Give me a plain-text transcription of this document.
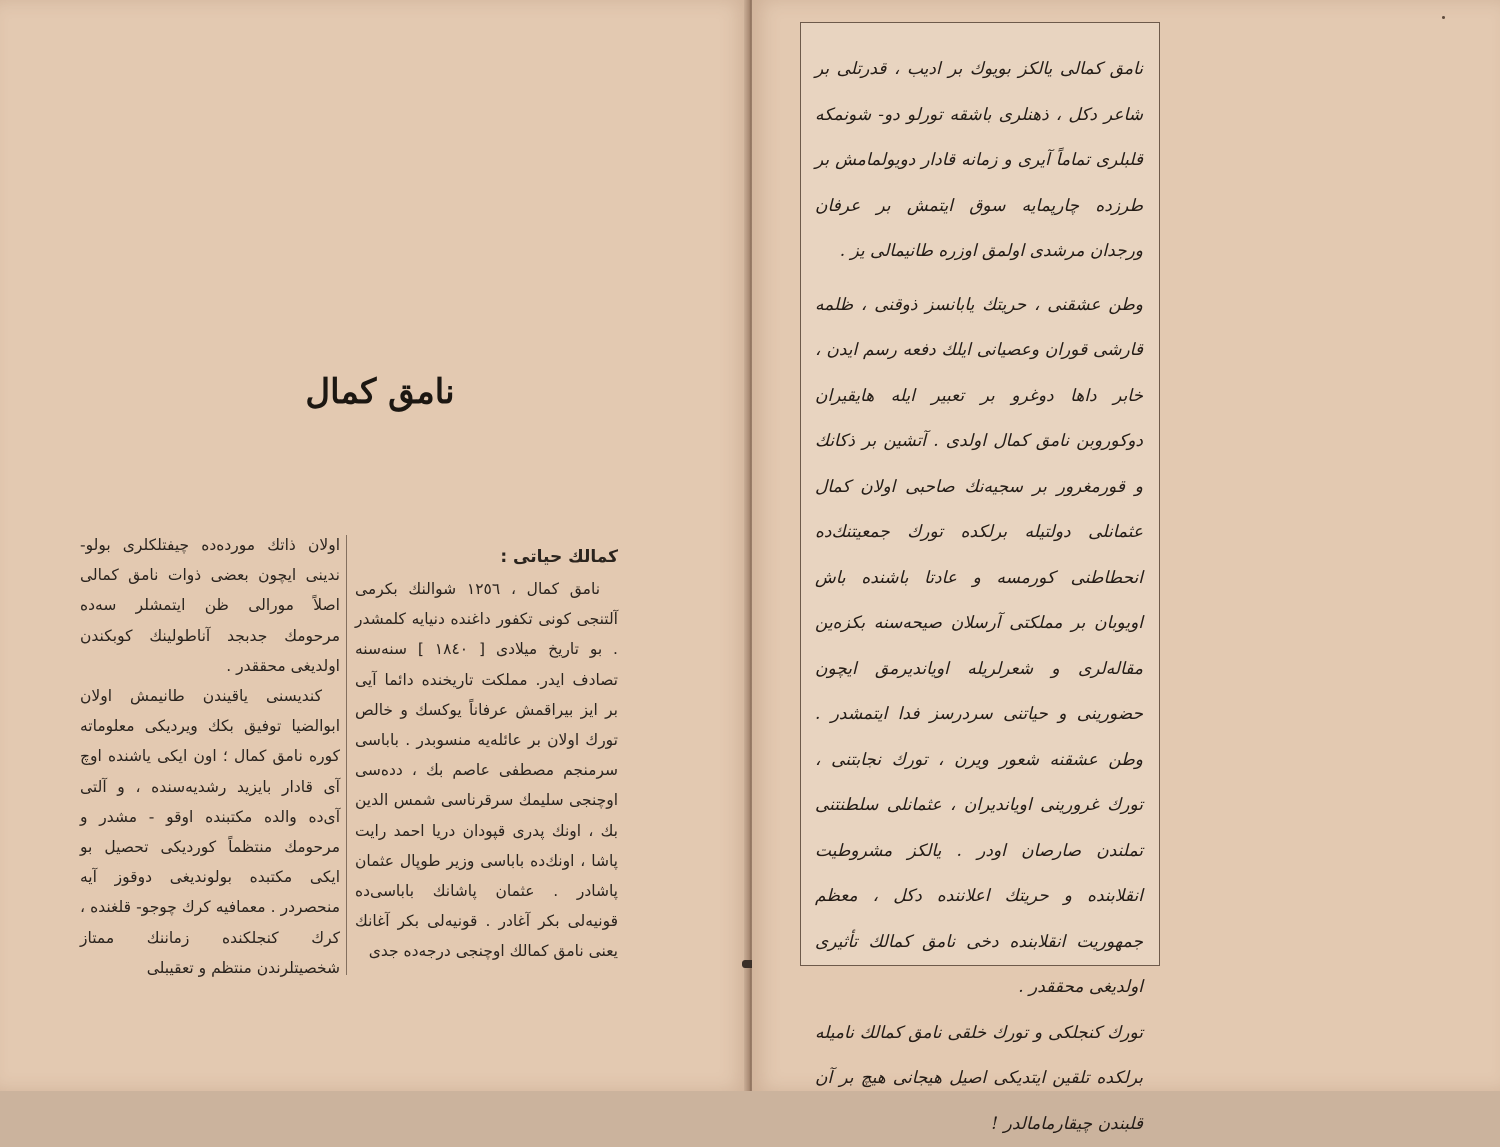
نامق كمال
كمالك حياتى :

نامق كمال ، ١٢٥٦ شوالنك بكرمى آلتنجى كونى تكفور داغنده دنيايه كلمشدر . بو تاريخ ميلادى [ ١٨٤٠ ] سنه‌سنه تصادف ايدر. مملكت تاريخنده دائما آيى بر ايز بيراقمش عرفاناً يوكسك و خالص تورك اولان بر عائله‌يه منسوبدر . باباسى سرمنجم مصطفى عاصم بك ، دده‌سى اوچنجى سليمك سرقرناسى شمس الدين بك ، اونك پدرى قپودان دريا احمد رايت پاشا ، اونك‌ده باباسى وزير طوپال عثمان پاشادر . عثمان پاشانك باباسى‌ده قونيه‌لى بكر آغادر . قونيه‌لى بكر آغانك يعنى نامق كمالك اوچنجى درجه‌ده جدى

اولان ذاتك مورده‌ده چيفتلكلرى بولو- ندينى ايچون بعضى ذوات نامق كمالى اصلاً مورالى ظن ايتمشلر سه‌ده مرحومك جدبجد آناطولينك كوبكندن اولديغى محققدر .

كنديسنى ياقيندن طانيمش اولان ابوالضيا توفيق بكك ويرديكى معلوماته كوره نامق كمال ؛ اون ايكى ياشنده اوچ آى قادار بايزيد رشديه‌سنده ، و آلتى آى‌ده والده مكتبنده اوقو - مشدر و مرحومك منتظماً كورديكى تحصيل بو ايكى مكتبده بولونديغى دوقوز آيه منحصردر . معمافيه كرك چوجو- قلغنده ، كرك كنجلكنده زماننك ممتاز شخصيتلرندن منتظم و تعقيبلى

نامق كمالى يالكز بويوك بر اديب ، قدرتلى بر شاعر دكل ، ذهنلرى باشقه تورلو دو- شونمكه قلبلرى تماماً آيرى و زمانه قادار دويولمامش بر طرزده چارپمايه سوق ايتمش بر عرفان ورجدان مرشدى اولمق اوزره طانيمالى يز .

وطن عشقنى ، حريتك يابانسز ذوقنى ، ظلمه قارشى قوران وعصيانى ايلك دفعه رسم ايدن ، خابر داها دوغرو بر تعبير ايله هايقيران دوكوروبن نامق كمال اولدى . آتشين بر ذكانك و قورمغرور بر سجيه‌نك صاحبى اولان كمال عثمانلى دولتيله برلكده تورك جمعيتنك‌ده انحطاطنى كورمسه و عادتا باشنده باش اويوبان بر مملكتى آرسلان صيحه‌سنه بكزه‌ين مقاله‌لرى و شعرلريله اويانديرمق ايچون حضورينى و حياتنى سردرسز فدا ايتمشدر . وطن عشقنه شعور ويرن ، تورك نجابتنى ، تورك غرورينى اويانديران ، عثمانلى سلطنتنى تملندن صارصان اودر . يالكز مشروطيت انقلابنده و حريتك اعلاننده دكل ، معظم جمهوريت انقلابنده دخى نامق كمالك تأثيرى اولديغى محققدر .

تورك كنجلكى و تورك خلقى نامق كمالك ناميله برلكده تلقين ايتديكى اصيل هيجانى هيچ بر آن قلبندن چيقارمامالدر !
